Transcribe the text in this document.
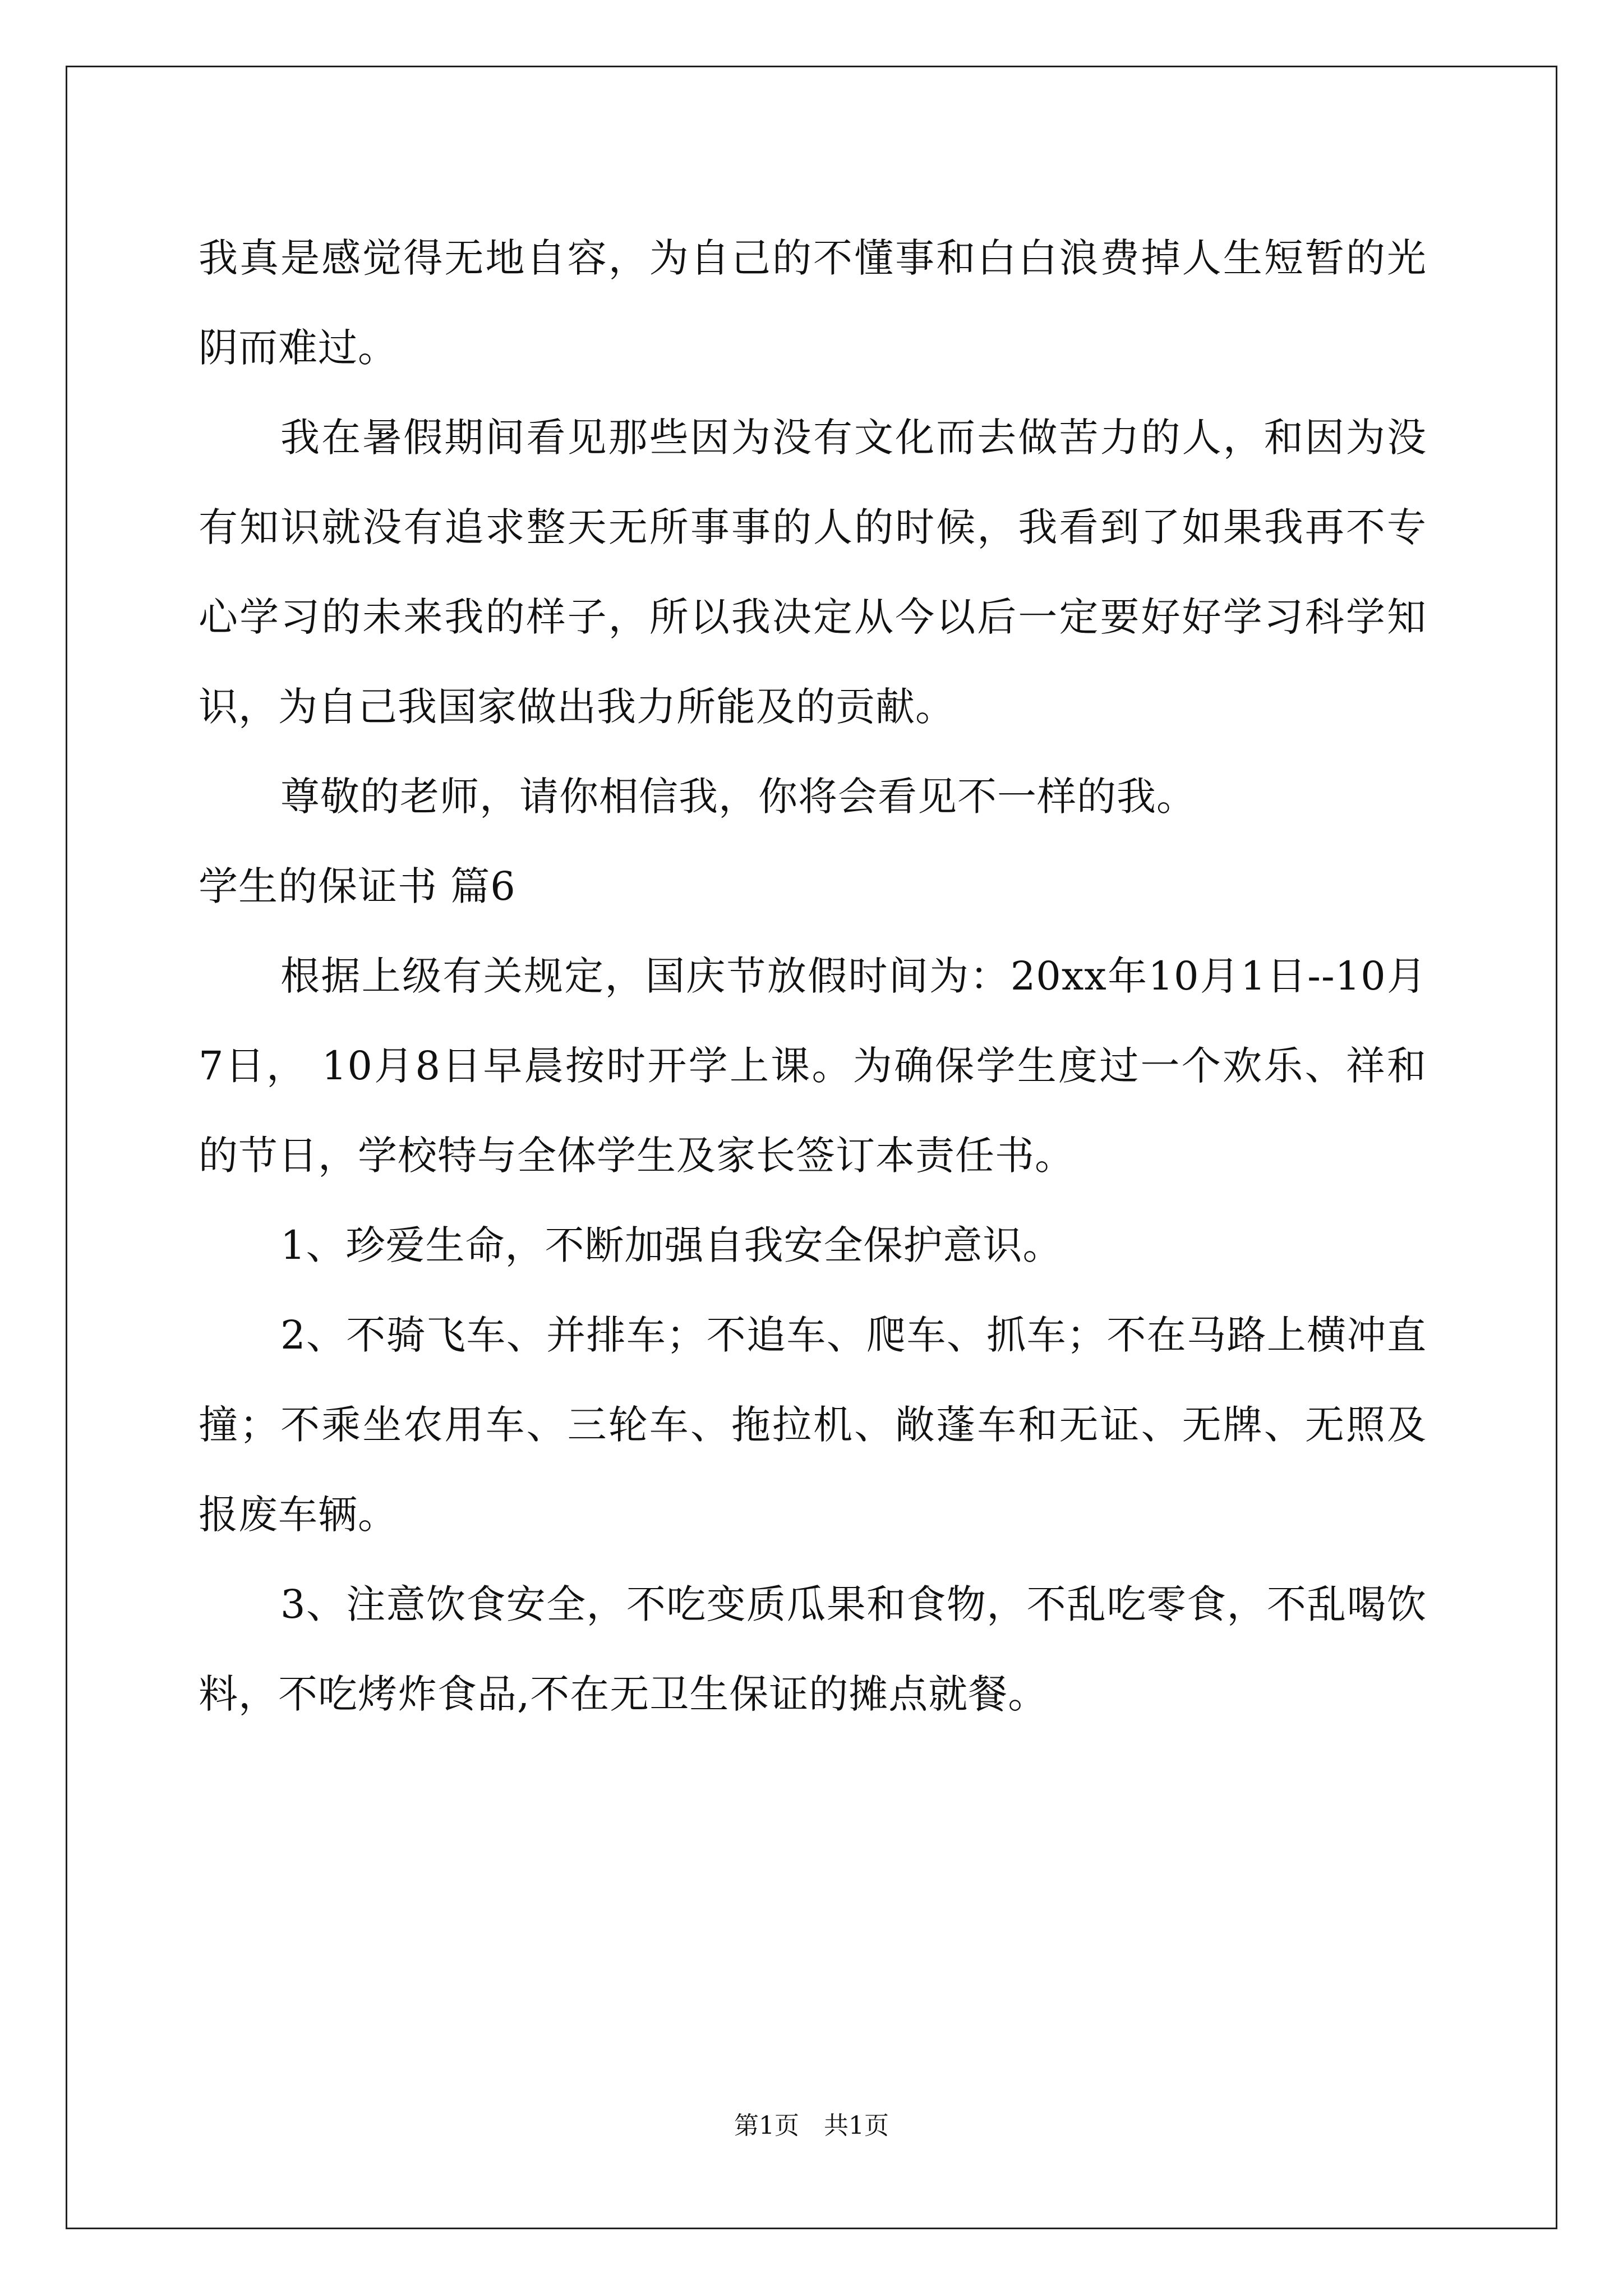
我真是感觉得无地自容，为自己的不懂事和白白浪费掉人生短暂的光阴而难过。

我在暑假期间看见那些因为没有文化而去做苦力的人，和因为没有知识就没有追求整天无所事事的人的时候，我看到了如果我再不专心学习的未来我的样子，所以我决定从今以后一定要好好学习科学知识，为自己我国家做出我力所能及的贡献。

尊敬的老师，请你相信我，你将会看见不一样的我。

学生的保证书 篇6

根据上级有关规定，国庆节放假时间为：20xx年10月1日--10月7日， 10月8日早晨按时开学上课。为确保学生度过一个欢乐、祥和的节日，学校特与全体学生及家长签订本责任书。

1、珍爱生命，不断加强自我安全保护意识。

2、不骑飞车、并排车；不追车、爬车、抓车；不在马路上横冲直撞；不乘坐农用车、三轮车、拖拉机、敞蓬车和无证、无牌、无照及报废车辆。

3、注意饮食安全，不吃变质瓜果和食物，不乱吃零食，不乱喝饮料，不吃烤炸食品,不在无卫生保证的摊点就餐。

第1页　共1页
